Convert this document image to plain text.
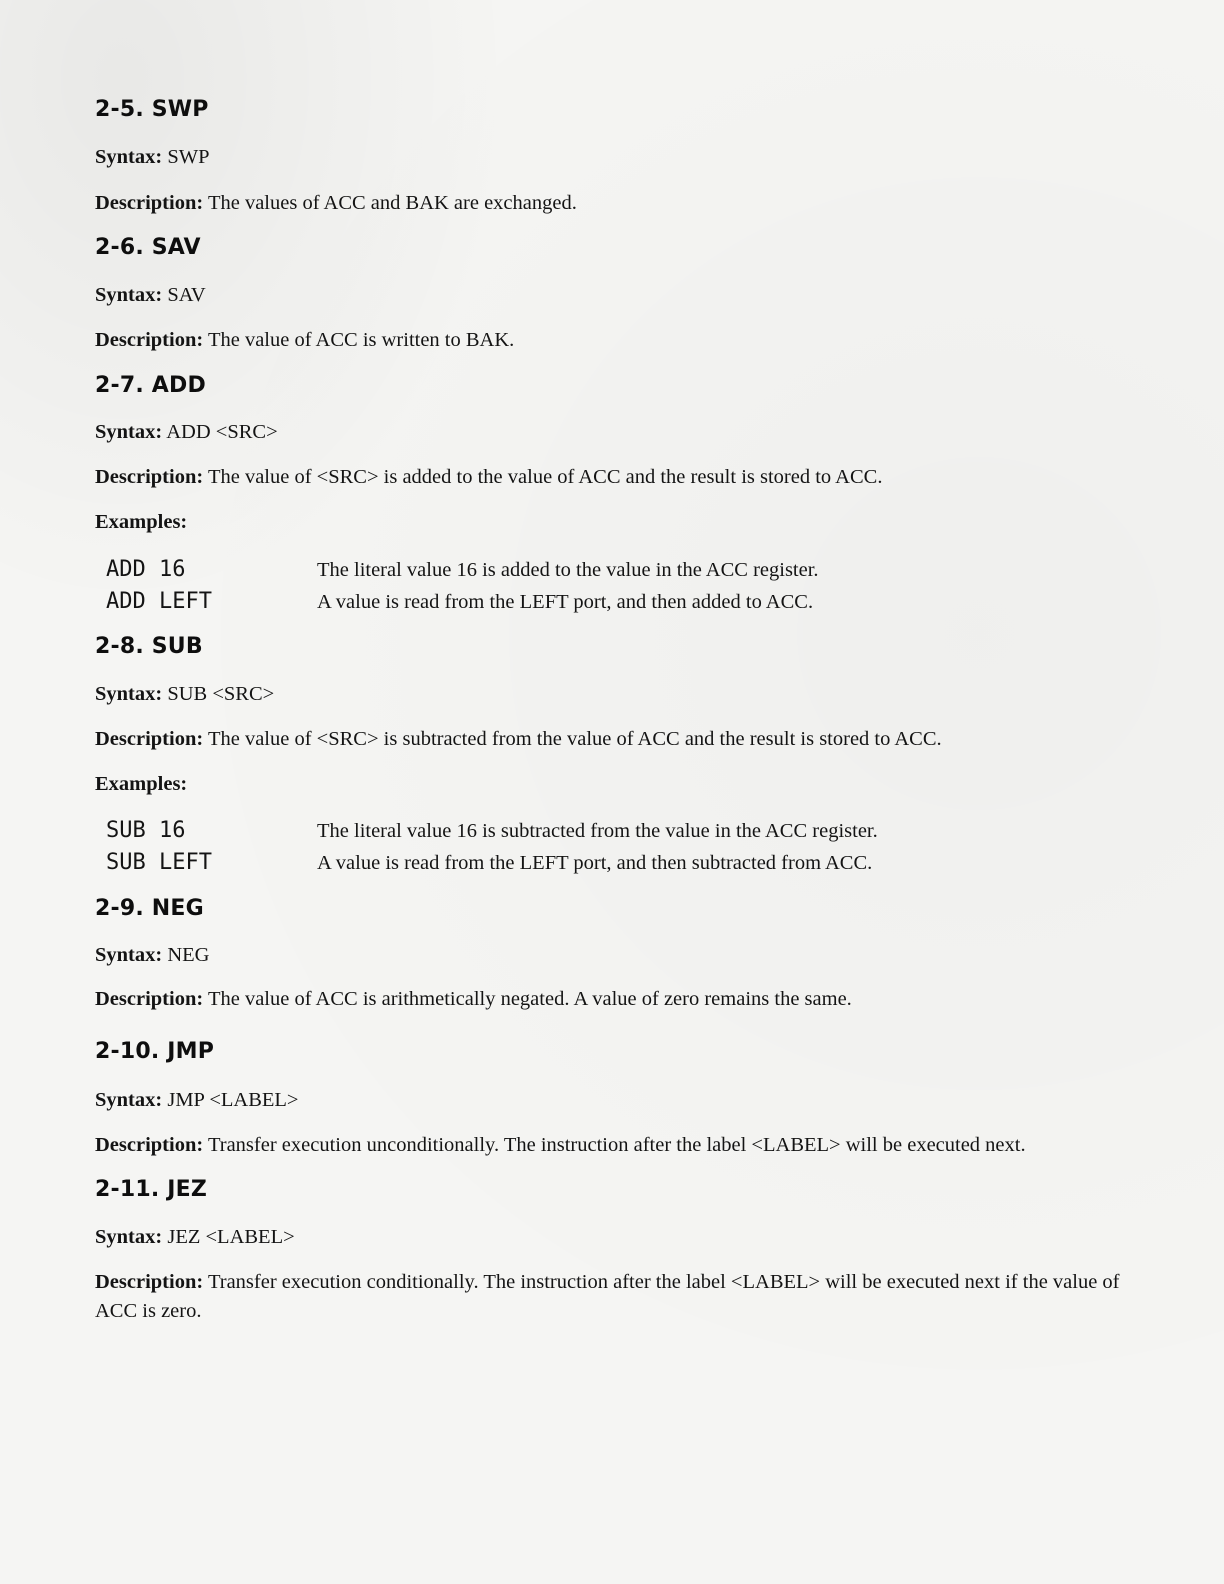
2-5. SWP

Syntax: SWP

Description: The values of ACC and BAK are exchanged.

2-6. SAV

Syntax: SAV

Description: The value of ACC is written to BAK.

2-7. ADD

Syntax: ADD <SRC>

Description: The value of <SRC> is added to the value of ACC and the result is stored to ACC.

Examples:

ADD 16	The literal value 16 is added to the value in the ACC register.
ADD LEFT	A value is read from the LEFT port, and then added to ACC.
2-8. SUB

Syntax: SUB <SRC>

Description: The value of <SRC> is subtracted from the value of ACC and the result is stored to ACC.

Examples:

SUB 16	The literal value 16 is subtracted from the value in the ACC register.
SUB LEFT	A value is read from the LEFT port, and then subtracted from ACC.
2-9. NEG

Syntax: NEG

Description: The value of ACC is arithmetically negated. A value of zero remains the same.

2-10. JMP

Syntax: JMP <LABEL>

Description: Transfer execution unconditionally. The instruction after the label <LABEL> will be executed next.

2-11. JEZ

Syntax: JEZ <LABEL>

Description: Transfer execution conditionally. The instruction after the label <LABEL> will be executed next if the value of ACC is zero.
